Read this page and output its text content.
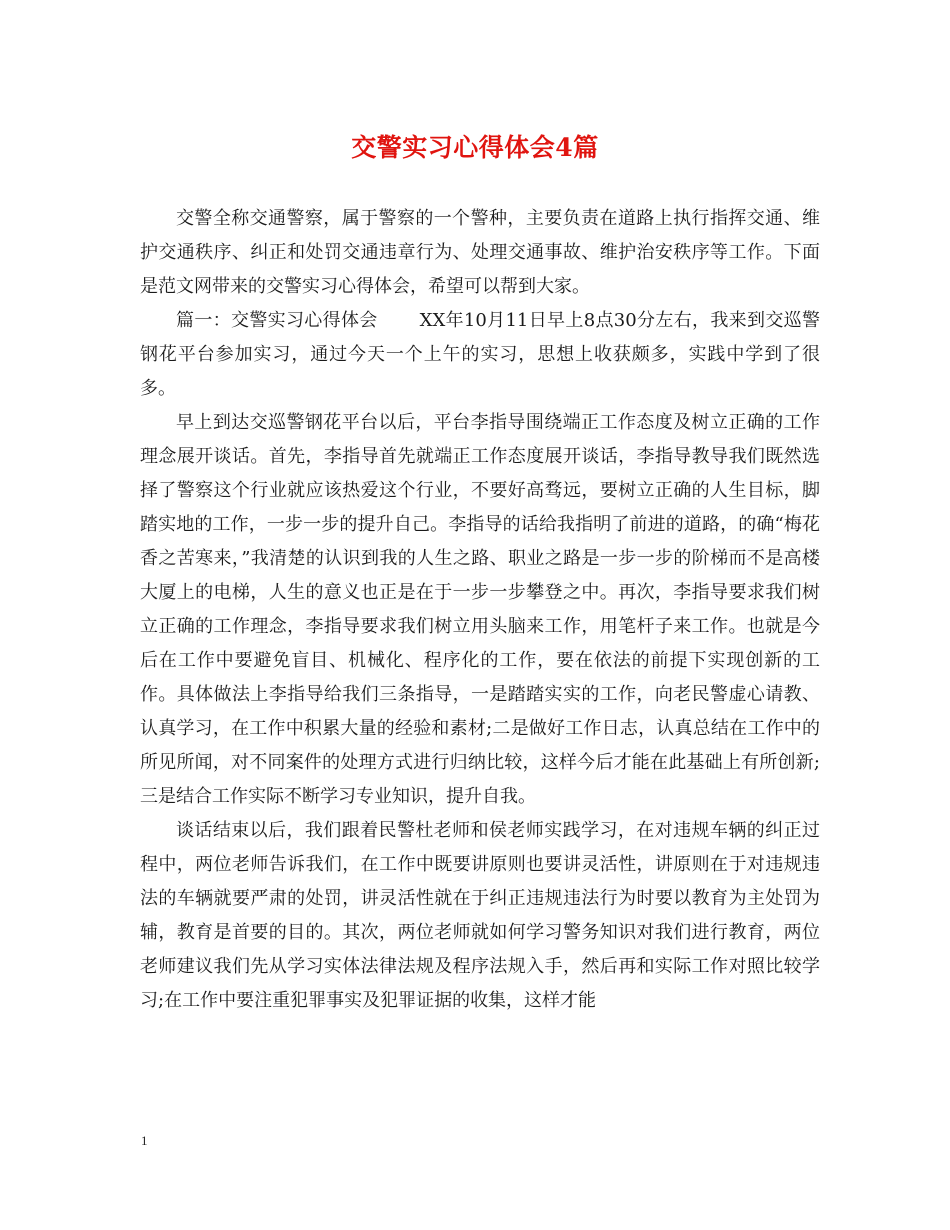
交警实习心得体会4篇

交警全称交通警察，属于警察的一个警种，主要负责在道路上执行指挥交通、维护交通秩序、纠正和处罚交通违章行为、处理交通事故、维护治安秩序等工作。下面是范文网带来的交警实习心得体会，希望可以帮到大家。

篇一：交警实习心得体会 XX年10月11日早上8点30分左右，我来到交巡警钢花平台参加实习，通过今天一个上午的实习，思想上收获颇多，实践中学到了很多。

早上到达交巡警钢花平台以后，平台李指导围绕端正工作态度及树立正确的工作理念展开谈话。首先，李指导首先就端正工作态度展开谈话，李指导教导我们既然选择了警察这个行业就应该热爱这个行业，不要好高骛远，要树立正确的人生目标，脚踏实地的工作，一步一步的提升自己。李指导的话给我指明了前进的道路，的确“梅花香之苦寒来，”我清楚的认识到我的人生之路、职业之路是一步一步的阶梯而不是高楼大厦上的电梯，人生的意义也正是在于一步一步攀登之中。再次，李指导要求我们树立正确的工作理念，李指导要求我们树立用头脑来工作，用笔杆子来工作。也就是今后在工作中要避免盲目、机械化、程序化的工作，要在依法的前提下实现创新的工作。具体做法上李指导给我们三条指导，一是踏踏实实的工作，向老民警虚心请教、认真学习，在工作中积累大量的经验和素材;二是做好工作日志，认真总结在工作中的所见所闻，对不同案件的处理方式进行归纳比较，这样今后才能在此基础上有所创新;三是结合工作实际不断学习专业知识，提升自我。

谈话结束以后，我们跟着民警杜老师和侯老师实践学习，在对违规车辆的纠正过程中，两位老师告诉我们，在工作中既要讲原则也要讲灵活性，讲原则在于对违规违法的车辆就要严肃的处罚，讲灵活性就在于纠正违规违法行为时要以教育为主处罚为辅，教育是首要的目的。其次，两位老师就如何学习警务知识对我们进行教育，两位老师建议我们先从学习实体法律法规及程序法规入手，然后再和实际工作对照比较学习;在工作中要注重犯罪事实及犯罪证据的收集，这样才能

1
